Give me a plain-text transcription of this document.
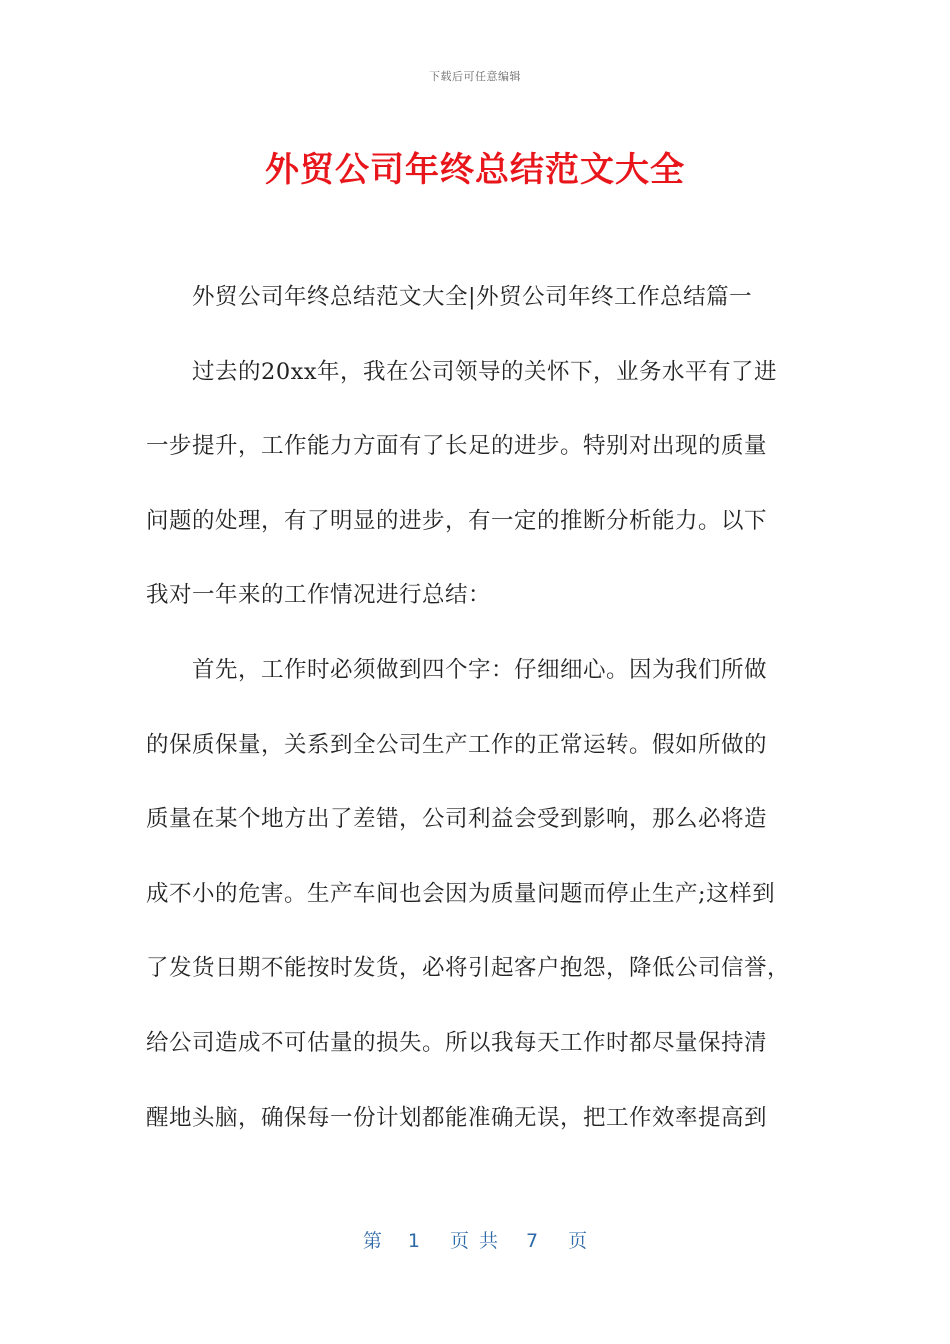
下载后可任意编辑
外贸公司年终总结范文大全
外贸公司年终总结范文大全|外贸公司年终工作总结篇一
过去的20xx年，我在公司领导的关怀下，业务水平有了进
一步提升，工作能力方面有了长足的进步。特别对出现的质量
问题的处理，有了明显的进步，有一定的推断分析能力。以下
我对一年来的工作情况进行总结：
首先，工作时必须做到四个字：仔细细心。因为我们所做
的保质保量，关系到全公司生产工作的正常运转。假如所做的
质量在某个地方出了差错，公司利益会受到影响，那么必将造
成不小的危害。生产车间也会因为质量问题而停止生产;这样到
了发货日期不能按时发货，必将引起客户抱怨，降低公司信誉，
给公司造成不可估量的损失。所以我每天工作时都尽量保持清
醒地头脑，确保每一份计划都能准确无误，把工作效率提高到
第 1 页共 7 页
